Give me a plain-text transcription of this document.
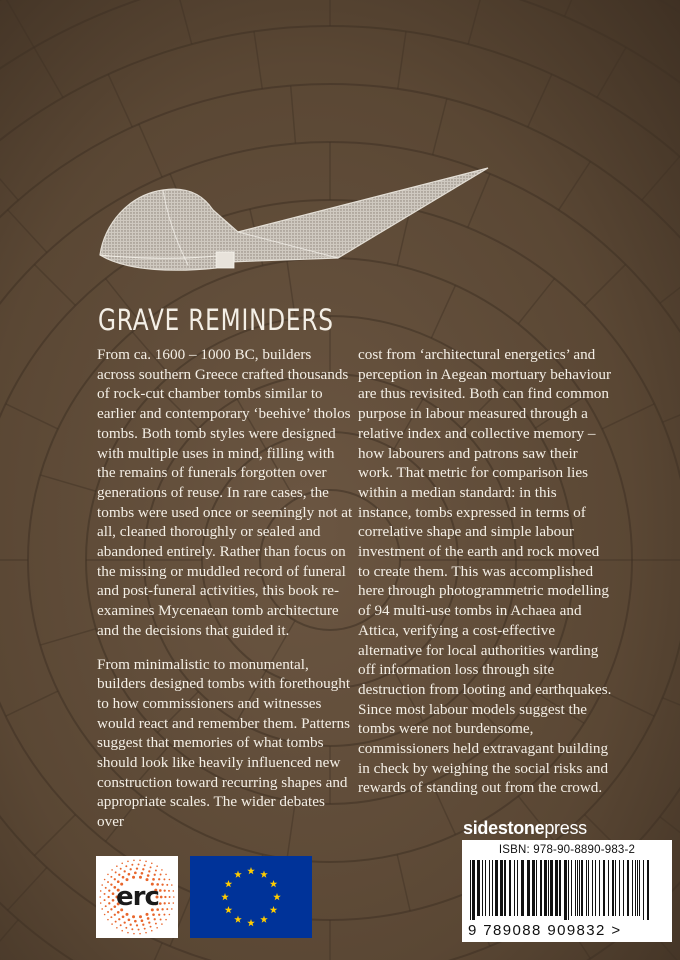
GRAVE REMINDERS

From ca. 1600 – 1000 BC, builders across southern Greece crafted thousands of rock-cut chamber tombs similar to earlier and contemporary ‘beehive’ tholos tombs. Both tomb styles were designed with multiple uses in mind, filling with the remains of funerals forgotten over generations of reuse. In rare cases, the tombs were used once or seemingly not at all, cleaned thoroughly or sealed and abandoned entirely. Rather than focus on the missing or muddled record of funeral and post-funeral activities, this book re-examines Mycenaean tomb architecture and the decisions that guided it.

From minimalistic to monumental, builders designed tombs with forethought to how commissioners and witnesses would react and remember them. Patterns suggest that memories of what tombs should look like heavily influenced new construction toward recurring shapes and appropriate scales. The wider debates over

cost from ‘architectural energetics’ and perception in Aegean mortuary behaviour are thus revisited. Both can find common purpose in labour measured through a relative index and collective memory – how labourers and patrons saw their work. That metric for comparison lies within a median standard: in this instance, tombs expressed in terms of correlative shape and simple labour investment of the earth and rock moved to create them. This was accomplished here through photogrammetric modelling of 94 multi-use tombs in Achaea and Attica, verifying a cost-effective alternative for local authorities warding off information loss through site destruction from looting and earthquakes. Since most labour models suggest the tombs were not burdensome, commissioners held extravagant building in check by weighing the social risks and rewards of standing out from the crowd.

sidestonepress
ISBN: 978-90-8890-983-2
9 789088 909832 >
erc
